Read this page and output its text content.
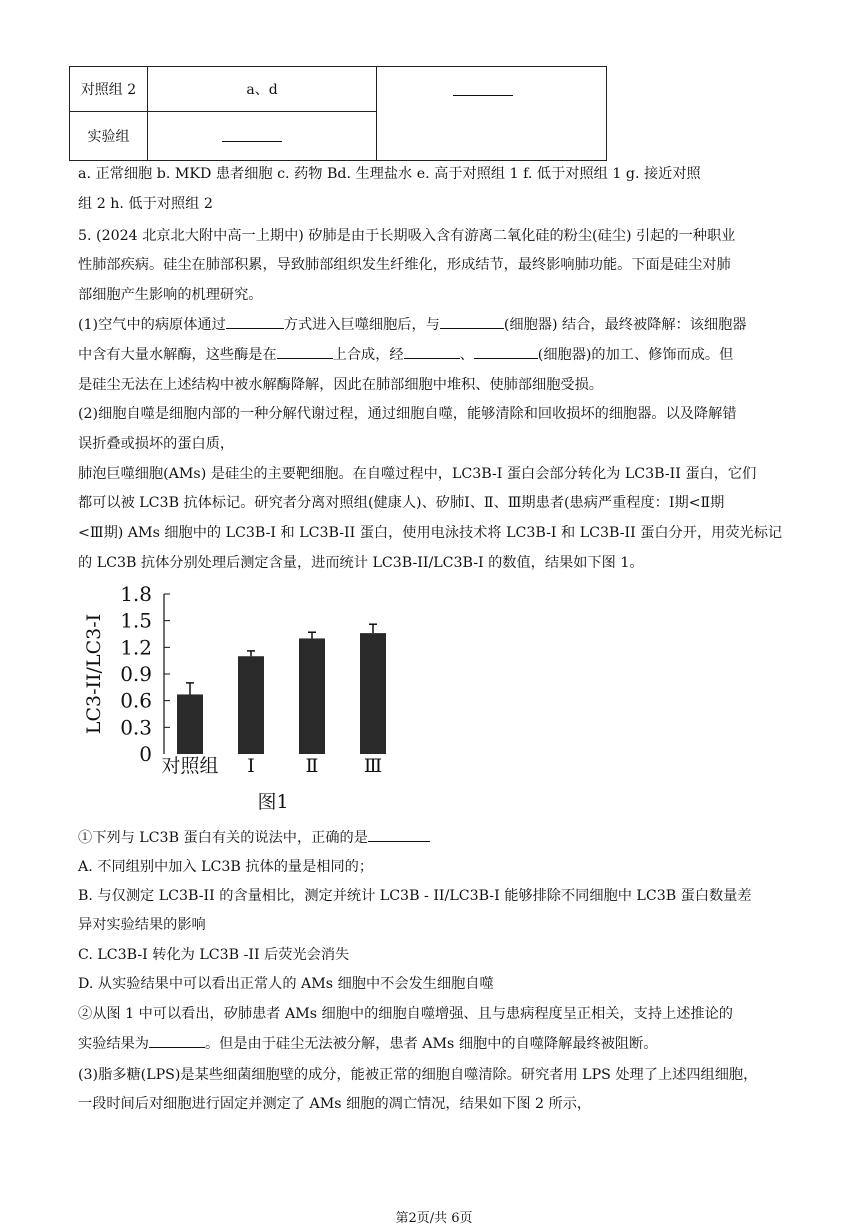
对照组 2	a、d	
实验组		
a. 正常细胞 b. MKD 患者细胞 c. 药物 Bd. 生理盐水 e. 高于对照组 1 f. 低于对照组 1 g. 接近对照
组 2 h. 低于对照组 2
5. (2024 北京北大附中高一上期中) 矽肺是由于长期吸入含有游离二氧化硅的粉尘(硅尘) 引起的一种职业
性肺部疾病。硅尘在肺部积累，导致肺部组织发生纤维化，形成结节，最终影响肺功能。下面是硅尘对肺
部细胞产生影响的机理研究。
(1)空气中的病原体通过	方式进入巨噬细胞后，与	(细胞器) 结合，最终被降解：该细胞器
中含有大量水解酶，这些酶是在	上合成，经	、	(细胞器)的加工、修饰而成。但
是硅尘无法在上述结构中被水解酶降解，因此在肺部细胞中堆积、使肺部细胞受损。
(2)细胞自噬是细胞内部的一种分解代谢过程，通过细胞自噬，能够清除和回收损坏的细胞器。以及降解错
误折叠或损坏的蛋白质，
肺泡巨噬细胞(AMs) 是硅尘的主要靶细胞。在自噬过程中，LC3B-I 蛋白会部分转化为 LC3B-II 蛋白，它们
都可以被 LC3B 抗体标记。研究者分离对照组(健康人)、矽肺Ⅰ、Ⅱ、Ⅲ期患者(患病严重程度：Ⅰ期<Ⅱ期
<Ⅲ期) AMs 细胞中的 LC3B-I 和 LC3B-II 蛋白，使用电泳技术将 LC3B-I 和 LC3B-II 蛋白分开，用荧光标记
的 LC3B 抗体分别处理后测定含量，进而统计 LC3B-II/LC3B-I 的数值，结果如下图 1。
0
0.3
0.6
0.9
1.2
1.5
1.8
LC3-II/LC3-I
对照组 Ⅰ	Ⅱ Ⅲ
图1
①下列与 LC3B 蛋白有关的说法中，正确的是
A. 不同组别中加入 LC3B 抗体的量是相同的；
B. 与仅测定 LC3B-II 的含量相比，测定并统计 LC3B - II/LC3B-I 能够排除不同细胞中 LC3B 蛋白数量差
异对实验结果的影响
C. LC3B-I 转化为 LC3B -II 后荧光会消失
D. 从实验结果中可以看出正常人的 AMs 细胞中不会发生细胞自噬
②从图 1 中可以看出，矽肺患者 AMs 细胞中的细胞自噬增强、且与患病程度呈正相关，支持上述推论的
实验结果为	。但是由于硅尘无法被分解，患者 AMs 细胞中的自噬降解最终被阻断。
(3)脂多糖(LPS)是某些细菌细胞壁的成分，能被正常的细胞自噬清除。研究者用 LPS 处理了上述四组细胞，
一段时间后对细胞进行固定并测定了 AMs 细胞的凋亡情况，结果如下图 2 所示，
第2页/共 6页
